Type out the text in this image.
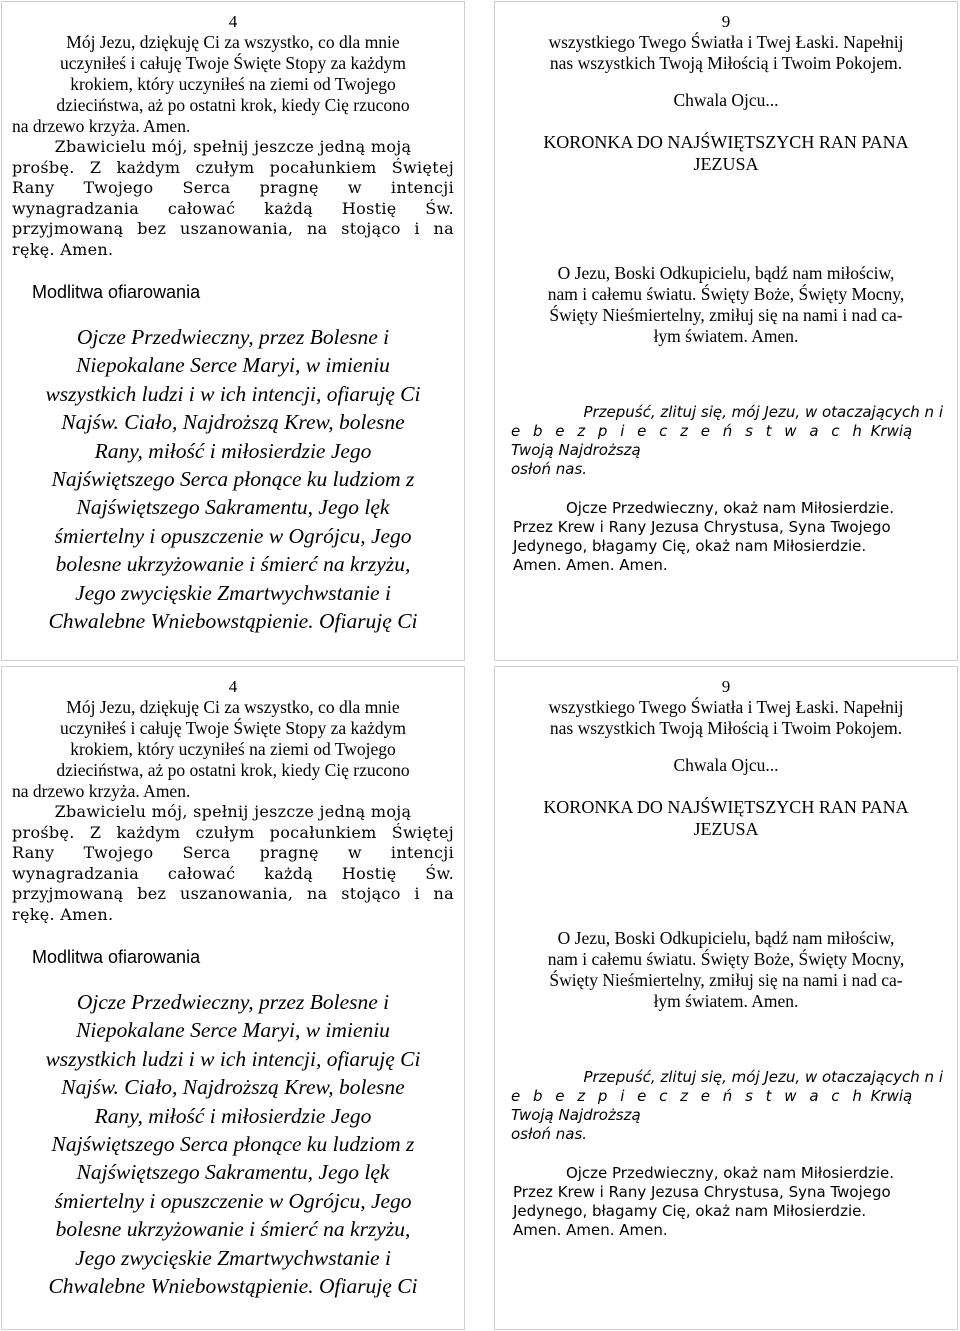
4

Mój Jezu, dziękuję Ci za wszystko, co dla mnie
uczyniłeś i całuję Twoje Święte Stopy za każdym
krokiem, który uczyniłeś na ziemi od Twojego
dzieciństwa, aż po ostatni krok, kiedy Cię rzucono
na drzewo krzyża. Amen.
Zbawicielu mój, spełnij jeszcze jedną moją
prośbę. Z każdym czułym pocałunkiem Świętej
Rany Twojego Serca pragnę w intencji
wynagradzania całować każdą Hostię Św.
przyjmowaną bez uszanowania, na stojąco i na
rękę. Amen.

Modlitwa ofiarowania

Ojcze Przedwieczny, przez Bolesne i
Niepokalane Serce Maryi, w imieniu
wszystkich ludzi i w ich intencji, ofiaruję Ci
Najśw. Ciało, Najdroższą Krew, bolesne
Rany, miłość i miłosierdzie Jego
Najświętszego Serca płonące ku ludziom z
Najświętszego Sakramentu, Jego lęk
śmiertelny i opuszczenie w Ogrójcu, Jego
bolesne ukrzyżowanie i śmierć na krzyżu,
Jego zwycięskie Zmartwychwstanie i
Chwalebne Wniebowstąpienie. Ofiaruję Ci

9

wszystkiego Twego Światła i Twej Łaski. Napełnij
nas wszystkich Twoją Miłością i Twoim Pokojem.

Chwala Ojcu...

KORONKA DO NAJŚWIĘTSZYCH RAN PANA
JEZUSA
O Jezu, Boski Odkupicielu, bądź nam miłościw,
nam i całemu światu. Święty Boże, Święty Mocny,
Święty Nieśmiertelny, zmiłuj się na nami i nad ca-
łym światem. Amen.
Przepuść, zlituj się, mój Jezu, w otaczających n i
e b e z p i e c z e ń s t w a c h Krwią Twoją Najdroższą
osłoń nas.
Ojcze Przedwieczny, okaż nam Miłosierdzie.
Przez Krew i Rany Jezusa Chrystusa, Syna Twojego
Jedynego, błagamy Cię, okaż nam Miłosierdzie.
Amen. Amen. Amen.

4

Mój Jezu, dziękuję Ci za wszystko, co dla mnie
uczyniłeś i całuję Twoje Święte Stopy za każdym
krokiem, który uczyniłeś na ziemi od Twojego
dzieciństwa, aż po ostatni krok, kiedy Cię rzucono
na drzewo krzyża. Amen.
Zbawicielu mój, spełnij jeszcze jedną moją
prośbę. Z każdym czułym pocałunkiem Świętej
Rany Twojego Serca pragnę w intencji
wynagradzania całować każdą Hostię Św.
przyjmowaną bez uszanowania, na stojąco i na
rękę. Amen.

Modlitwa ofiarowania

Ojcze Przedwieczny, przez Bolesne i
Niepokalane Serce Maryi, w imieniu
wszystkich ludzi i w ich intencji, ofiaruję Ci
Najśw. Ciało, Najdroższą Krew, bolesne
Rany, miłość i miłosierdzie Jego
Najświętszego Serca płonące ku ludziom z
Najświętszego Sakramentu, Jego lęk
śmiertelny i opuszczenie w Ogrójcu, Jego
bolesne ukrzyżowanie i śmierć na krzyżu,
Jego zwycięskie Zmartwychwstanie i
Chwalebne Wniebowstąpienie. Ofiaruję Ci

9

wszystkiego Twego Światła i Twej Łaski. Napełnij
nas wszystkich Twoją Miłością i Twoim Pokojem.

Chwala Ojcu...

KORONKA DO NAJŚWIĘTSZYCH RAN PANA
JEZUSA
O Jezu, Boski Odkupicielu, bądź nam miłościw,
nam i całemu światu. Święty Boże, Święty Mocny,
Święty Nieśmiertelny, zmiłuj się na nami i nad ca-
łym światem. Amen.
Przepuść, zlituj się, mój Jezu, w otaczających n i
e b e z p i e c z e ń s t w a c h Krwią Twoją Najdroższą
osłoń nas.
Ojcze Przedwieczny, okaż nam Miłosierdzie.
Przez Krew i Rany Jezusa Chrystusa, Syna Twojego
Jedynego, błagamy Cię, okaż nam Miłosierdzie.
Amen. Amen. Amen.
